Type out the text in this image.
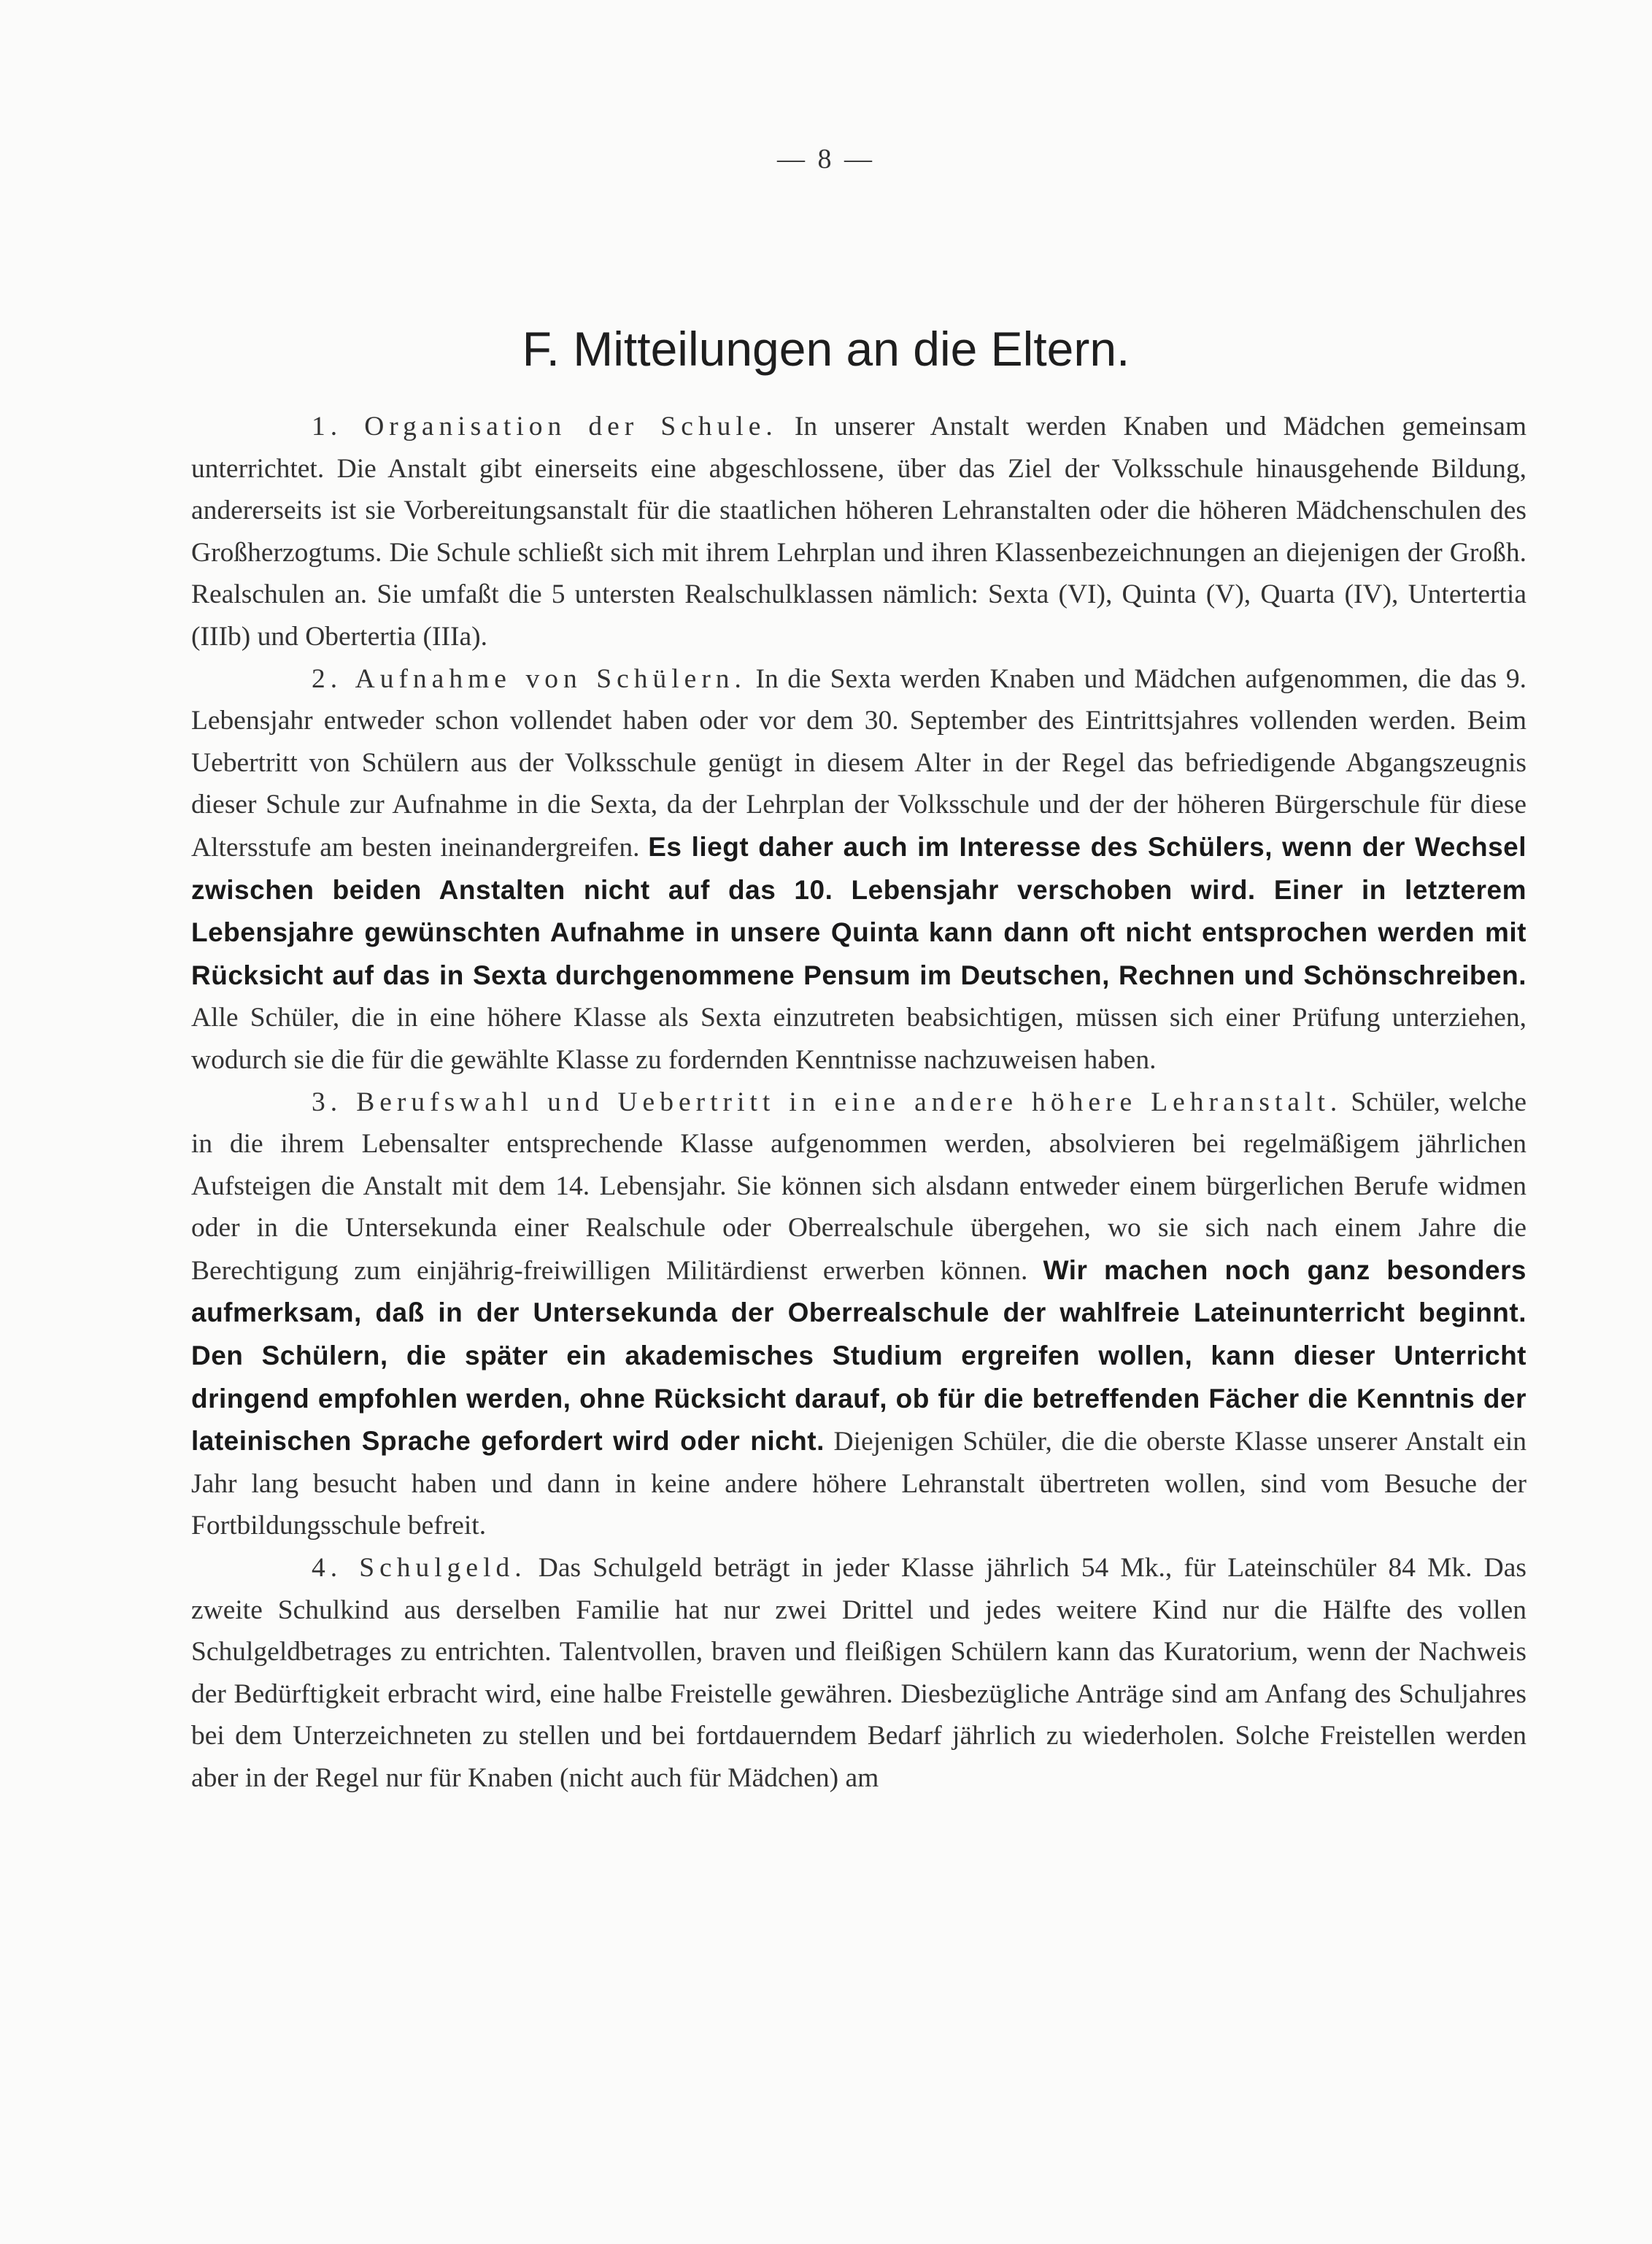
— 8 —
F. Mitteilungen an die Eltern.

1. Organisation der Schule. In unserer Anstalt werden Knaben und Mädchen gemeinsam unterrichtet. Die Anstalt gibt einerseits eine abgeschlossene, über das Ziel der Volksschule hinausgehende Bildung, andererseits ist sie Vorbereitungsanstalt für die staatlichen höheren Lehranstalten oder die höheren Mädchenschulen des Großherzogtums. Die Schule schließt sich mit ihrem Lehrplan und ihren Klassenbezeichnungen an diejenigen der Großh. Realschulen an. Sie umfaßt die 5 untersten Realschulklassen nämlich: Sexta (VI), Quinta (V), Quarta (IV), Untertertia (IIIb) und Obertertia (IIIa).

2. Aufnahme von Schülern. In die Sexta werden Knaben und Mädchen aufgenommen, die das 9. Lebensjahr entweder schon vollendet haben oder vor dem 30. September des Eintrittsjahres vollenden werden. Beim Uebertritt von Schülern aus der Volksschule genügt in diesem Alter in der Regel das befriedigende Abgangszeugnis dieser Schule zur Aufnahme in die Sexta, da der Lehrplan der Volksschule und der der höheren Bürgerschule für diese Altersstufe am besten ineinandergreifen. Es liegt daher auch im Interesse des Schülers, wenn der Wechsel zwischen beiden Anstalten nicht auf das 10. Lebensjahr verschoben wird. Einer in letzterem Lebensjahre gewünschten Aufnahme in unsere Quinta kann dann oft nicht entsprochen werden mit Rücksicht auf das in Sexta durchgenommene Pensum im Deutschen, Rechnen und Schönschreiben. Alle Schüler, die in eine höhere Klasse als Sexta einzutreten beabsichtigen, müssen sich einer Prüfung unterziehen, wodurch sie die für die gewählte Klasse zu fordernden Kenntnisse nachzuweisen haben.

3. Berufswahl und Uebertritt in eine andere höhere Lehranstalt. Schüler, welche in die ihrem Lebensalter entsprechende Klasse aufgenommen werden, absolvieren bei regelmäßigem jährlichen Aufsteigen die Anstalt mit dem 14. Lebensjahr. Sie können sich alsdann entweder einem bürgerlichen Berufe widmen oder in die Untersekunda einer Realschule oder Oberrealschule übergehen, wo sie sich nach einem Jahre die Berechtigung zum einjährig-freiwilligen Militärdienst erwerben können. Wir machen noch ganz besonders aufmerksam, daß in der Untersekunda der Oberrealschule der wahlfreie Lateinunterricht beginnt. Den Schülern, die später ein akademisches Studium ergreifen wollen, kann dieser Unterricht dringend empfohlen werden, ohne Rücksicht darauf, ob für die betreffenden Fächer die Kenntnis der lateinischen Sprache gefordert wird oder nicht. Diejenigen Schüler, die die oberste Klasse unserer Anstalt ein Jahr lang besucht haben und dann in keine andere höhere Lehranstalt übertreten wollen, sind vom Besuche der Fortbildungsschule befreit.

4. Schulgeld. Das Schulgeld beträgt in jeder Klasse jährlich 54 Mk., für Lateinschüler 84 Mk. Das zweite Schulkind aus derselben Familie hat nur zwei Drittel und jedes weitere Kind nur die Hälfte des vollen Schulgeldbetrages zu entrichten. Talentvollen, braven und fleißigen Schülern kann das Kuratorium, wenn der Nachweis der Bedürftigkeit erbracht wird, eine halbe Freistelle gewähren. Diesbezügliche Anträge sind am Anfang des Schuljahres bei dem Unterzeichneten zu stellen und bei fortdauerndem Bedarf jährlich zu wiederholen. Solche Freistellen werden aber in der Regel nur für Knaben (nicht auch für Mädchen) am
